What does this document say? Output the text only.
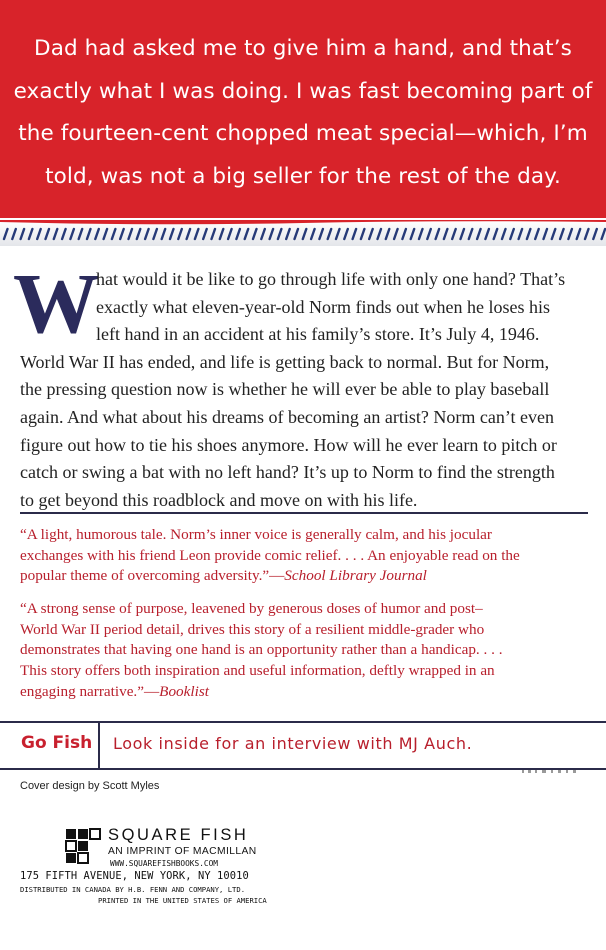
Dad had asked me to give him a hand, and that’s
exactly what I was doing. I was fast becoming part of
the fourteen-cent chopped meat special—which, I’m
told, was not a big seller for the rest of the day.
W
hat would it be like to go through life with only one hand? That’s
exactly what eleven-year-old Norm finds out when he loses his
left hand in an accident at his family’s store. It’s July 4, 1946.
World War II has ended, and life is getting back to normal. But for Norm,
the pressing question now is whether he will ever be able to play baseball
again. And what about his dreams of becoming an artist? Norm can’t even
figure out how to tie his shoes anymore. How will he ever learn to pitch or
catch or swing a bat with no left hand? It’s up to Norm to find the strength
to get beyond this roadblock and move on with his life.
“A light, humorous tale. Norm’s inner voice is generally calm, and his jocular
exchanges with his friend Leon provide comic relief. . . . An enjoyable read on the
popular theme of overcoming adversity.”—School Library Journal
“A strong sense of purpose, leavened by generous doses of humor and post–
World War II period detail, drives this story of a resilient middle-grader who
demonstrates that having one hand is an opportunity rather than a handicap. . . .
This story offers both inspiration and useful information, deftly wrapped in an
engaging narrative.”—Booklist
Go Fish Look inside for an interview with MJ Auch.
Cover design by Scott Myles
SQUARE FISH
AN IMPRINT OF MACMILLAN
WWW.SQUAREFISHBOOKS.COM
175 FIFTH AVENUE, NEW YORK, NY 10010
DISTRIBUTED IN CANADA BY H.B. FENN AND COMPANY, LTD.
PRINTED IN THE UNITED STATES OF AMERICA
